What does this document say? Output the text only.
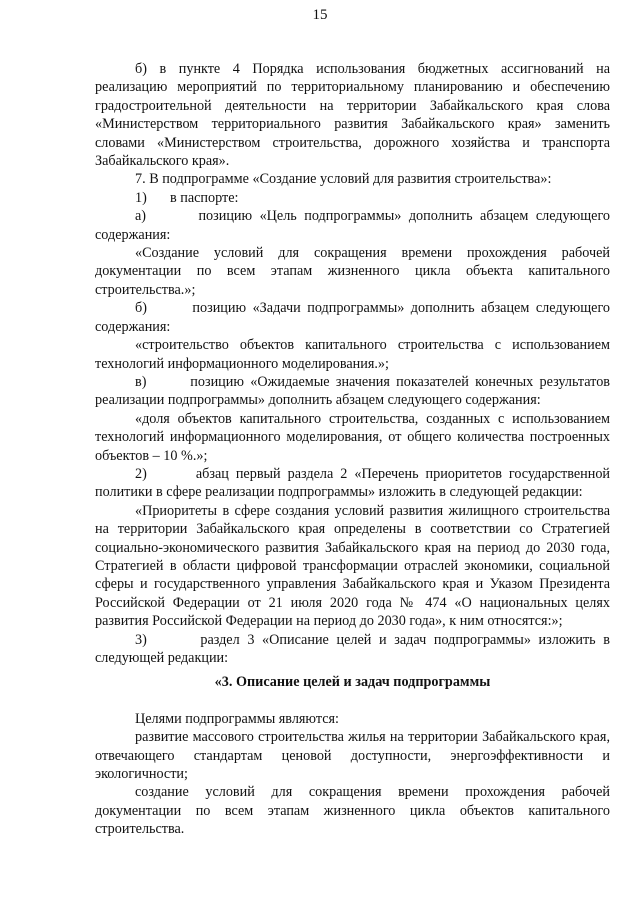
15

б) в пункте 4 Порядка использования бюджетных ассигнований на реализацию мероприятий по территориальному планированию и обеспечению градостроительной деятельности на территории Забайкальского края слова «Министерством территориального развития Забайкальского края» заменить словами «Министерством строительства, дорожного хозяйства и транспорта Забайкальского края».

7. В подпрограмме «Создание условий для развития строительства»:

1)	в паспорте:

а)	позицию «Цель подпрограммы» дополнить абзацем следующего содержания:

«Создание условий для сокращения времени прохождения рабочей документации по всем этапам жизненного цикла объекта капитального строительства.»;

б)	позицию «Задачи подпрограммы» дополнить абзацем следующего содержания:

«строительство объектов капитального строительства с использованием технологий информационного моделирования.»;

в)	позицию «Ожидаемые значения показателей конечных результатов реализации подпрограммы» дополнить абзацем следующего содержания:

«доля объектов капитального строительства, созданных с использованием технологий информационного моделирования, от общего количества построенных объектов – 10 %.»;

2)	абзац первый раздела 2 «Перечень приоритетов государственной политики в сфере реализации подпрограммы» изложить в следующей редакции:

«Приоритеты в сфере создания условий развития жилищного строительства на территории Забайкальского края определены в соответствии со Стратегией социально-экономического развития Забайкальского края на период до 2030 года, Стратегией в области цифровой трансформации отраслей экономики, социальной сферы и государственного управления Забайкальского края и Указом Президента Российской Федерации от 21 июля 2020 года № 474 «О национальных целях развития Российской Федерации на период до 2030 года», к ним относятся:»;

3)	раздел 3 «Описание целей и задач подпрограммы» изложить в следующей редакции:

«3. Описание целей и задач подпрограммы

Целями подпрограммы являются:

развитие массового строительства жилья на территории Забайкальского края, отвечающего стандартам ценовой доступности, энергоэффективности и экологичности;

создание условий для сокращения времени прохождения рабочей документации по всем этапам жизненного цикла объектов капитального строительства.
